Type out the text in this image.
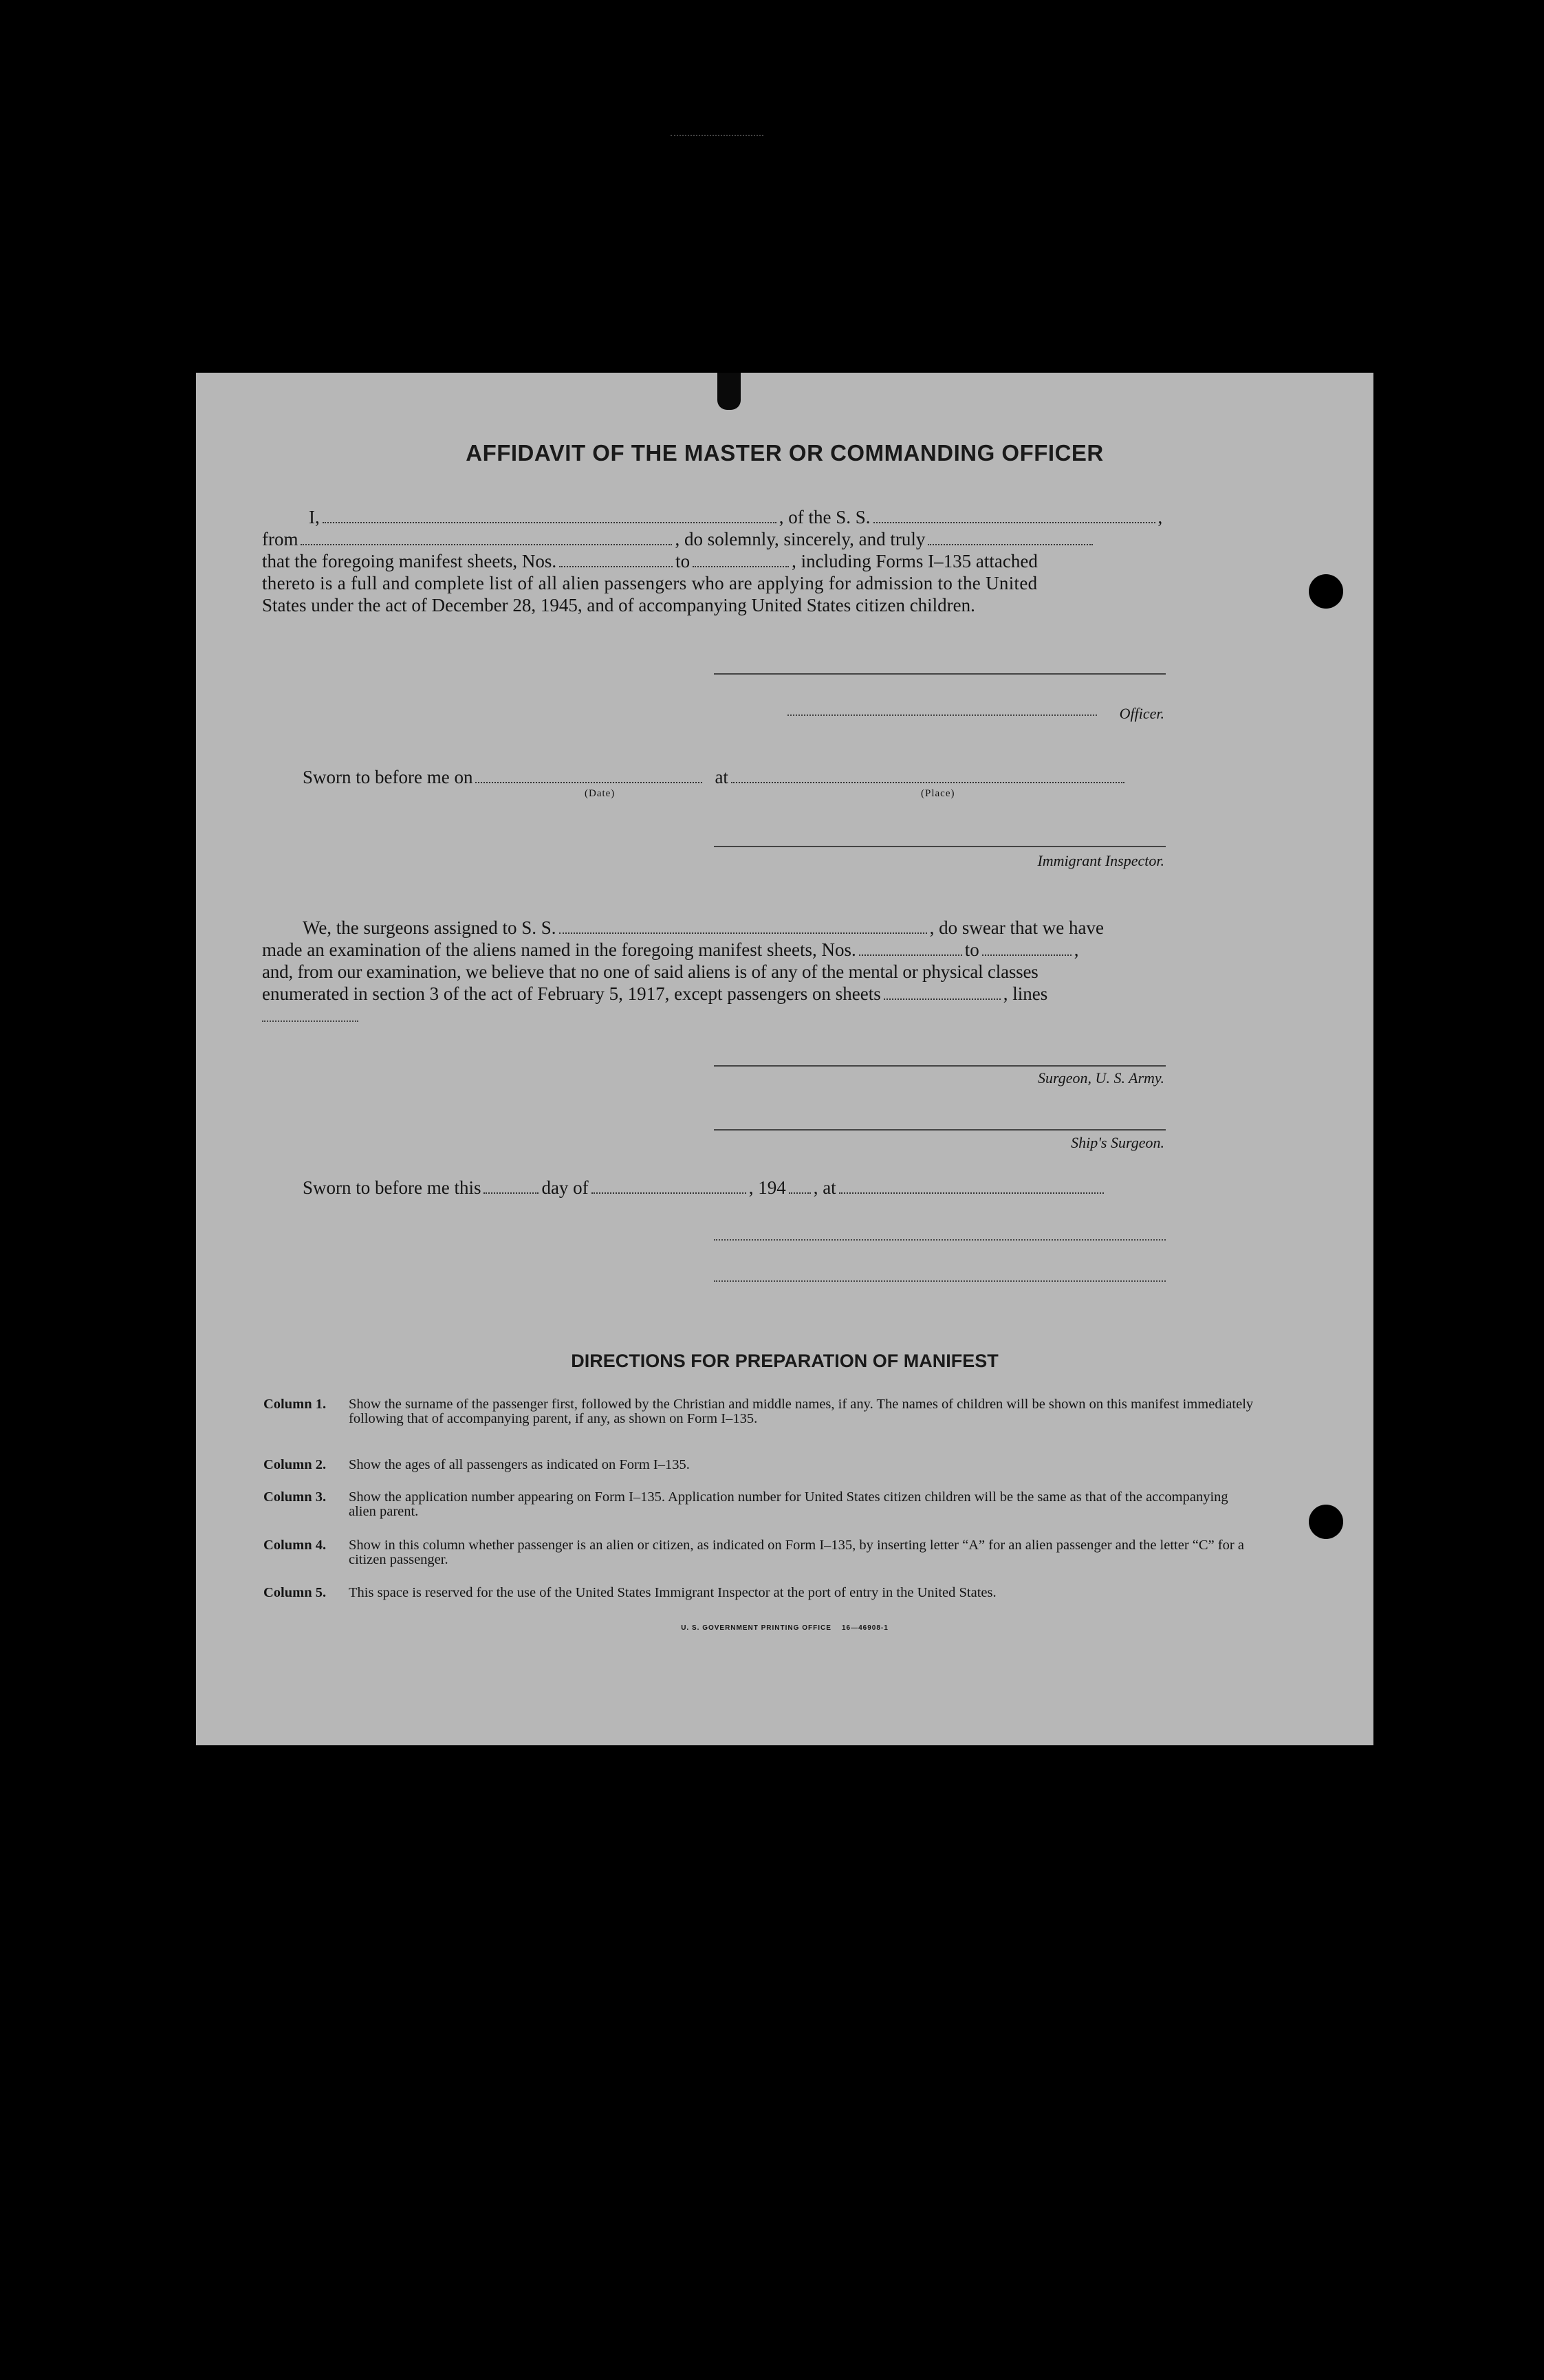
AFFIDAVIT OF THE MASTER OR COMMANDING OFFICER
I,	, of the S. S.	,
from	, do solemnly, sincerely, and truly
that the foregoing manifest sheets, Nos.	to	, including Forms I–135 attached
thereto is a full and complete list of all alien passengers who are applying for admission to the United
States under the act of December 28, 1945, and of accompanying United States citizen children.
Officer.
Sworn to before me on	at
(Date)	(Place)
Immigrant Inspector.
We, the surgeons assigned to S. S.	, do swear that we have
made an examination of the aliens named in the foregoing manifest sheets, Nos.	to	,
and, from our examination, we believe that no one of said aliens is of any of the mental or physical classes
enumerated in section 3 of the act of February 5, 1917, except passengers on sheets	, lines
Surgeon, U. S. Army.
Ship's Surgeon.
Sworn to before me this	day of	, 194 , at
DIRECTIONS FOR PREPARATION OF MANIFEST
Column 1.	Show the surname of the passenger first, followed by the Christian and middle names, if any. The names of children will be shown on this manifest immediately following that of accompanying parent, if any, as shown on Form I–135.
Column 2.	Show the ages of all passengers as indicated on Form I–135.
Column 3.	Show the application number appearing on Form I–135. Application number for United States citizen children will be the same as that of the accompanying alien parent.
Column 4.	Show in this column whether passenger is an alien or citizen, as indicated on Form I–135, by inserting letter “A” for an alien passenger and the letter “C” for a citizen passenger.
Column 5.	This space is reserved for the use of the United States Immigrant Inspector at the port of entry in the United States.
U. S. GOVERNMENT PRINTING OFFICE    16—46908-1
